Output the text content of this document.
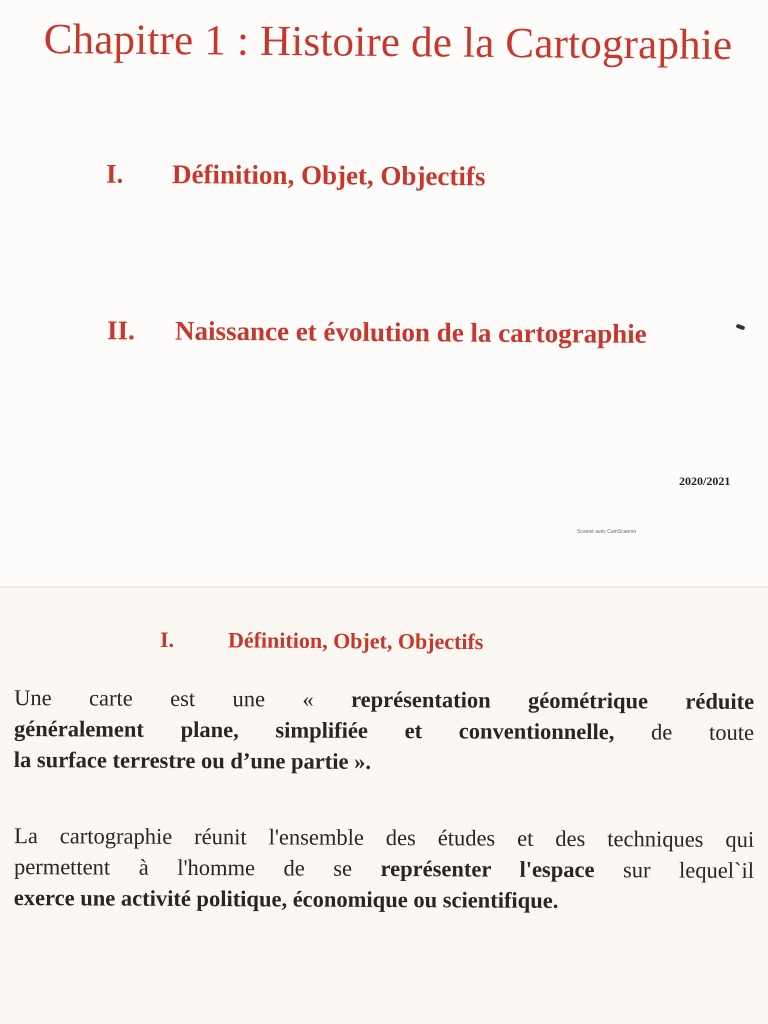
Chapitre 1 : Histoire de la Cartographie
I. Définition, Objet, Objectifs
II. Naissance et évolution de la cartographie
2020/2021
Scanné avec CamScanner
I. Définition, Objet, Objectifs

Une carte est une « représentation géométrique réduite
généralement plane, simplifiée et conventionnelle, de toute
la surface terrestre ou d’une partie ».

La cartographie réunit l'ensemble des études et des techniques qui
permettent à l'homme de se représenter l'espace sur lequel`il
exerce une activité politique, économique ou scientifique.
